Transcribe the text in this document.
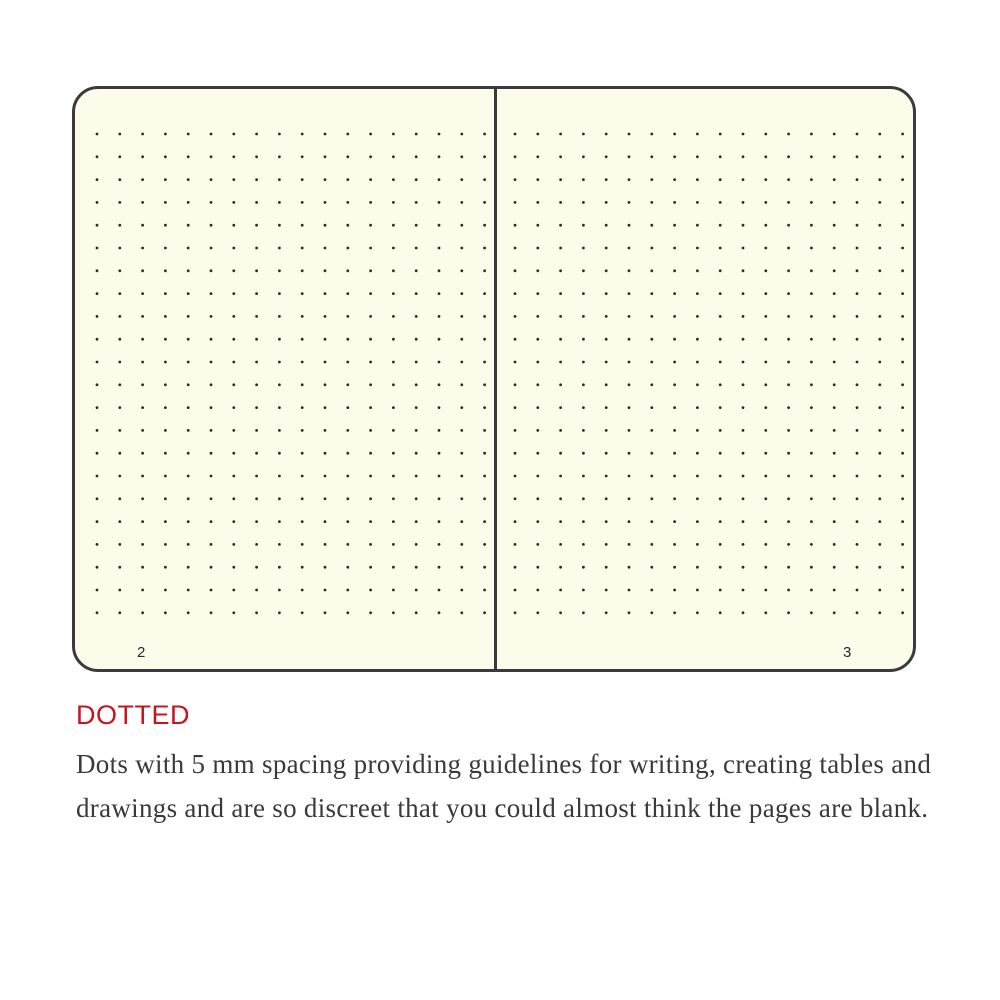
2	3
DOTTED

Dots with 5 mm spacing providing guidelines for writing, creating tables and drawings and are so discreet that you could almost think the pages are blank.
